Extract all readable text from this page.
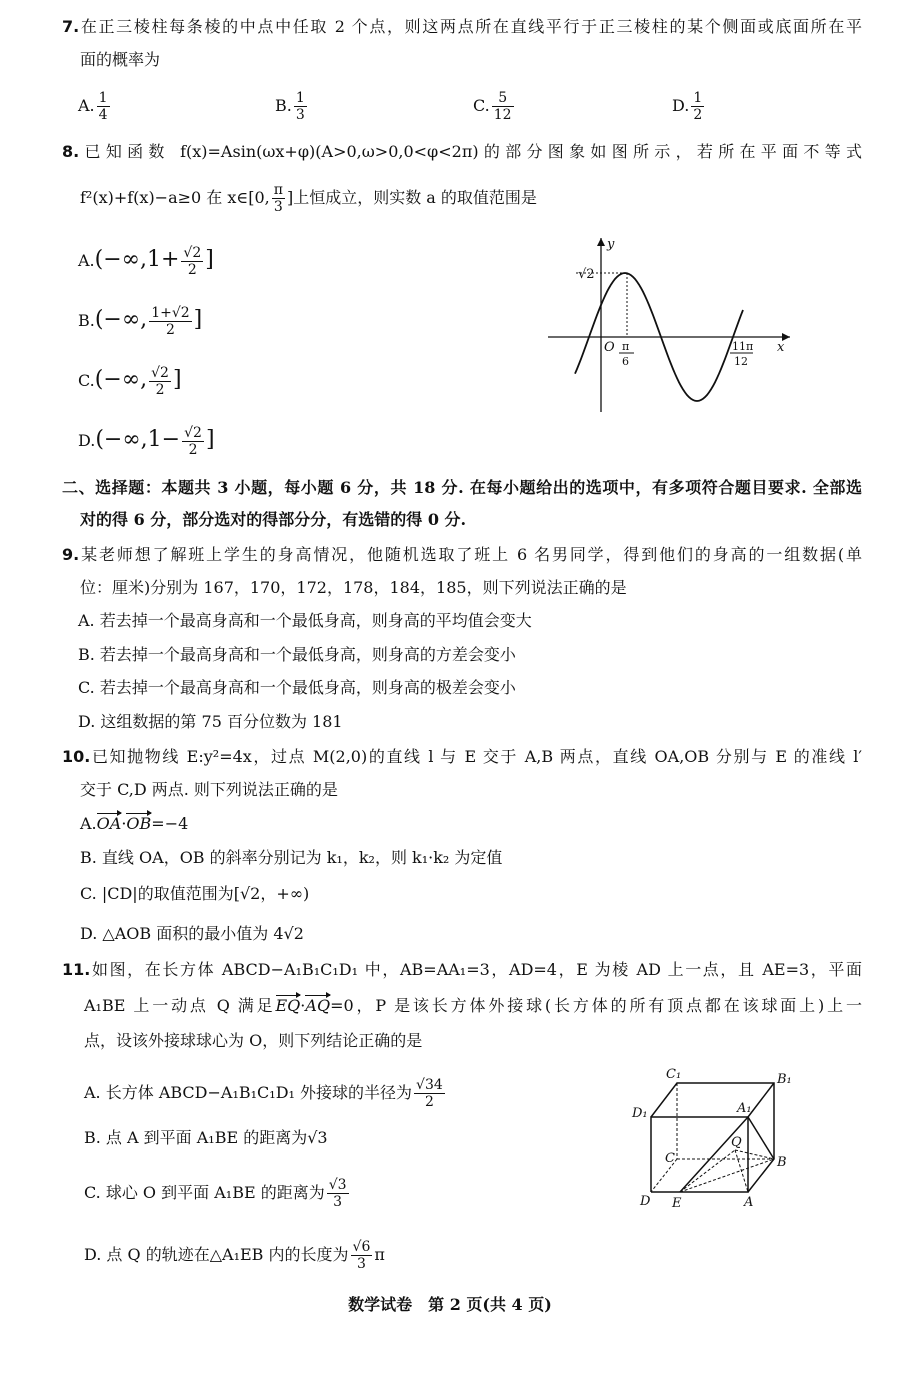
7.在正三棱柱每条棱的中点中任取 2 个点，则这两点所在直线平行于正三棱柱的某个侧面或底面所在平
面的概率为
A. $\frac{1}{4}$	B. $\frac{1}{3}$	C. $\frac{5}{12}$	D. $\frac{1}{2}$
8.已知函数 f(x)=Asin(ωx+φ)(A>0,ω>0,0<φ<2π)的部分图象如图所示，若所在平面不等式
f²(x)+f(x)−a≥0 在 x∈[0, $\frac{\pi}{3}$ ]上恒成立，则实数 a 的取值范围是
$A.(-\infty,1+ \frac{√2}{2}$ ]
B.(−∞, $\frac{1+√2}{2}$ ]
C.(−∞, $\frac{√2}{2}$ ]
$D.(-\infty,1- \frac{√2}{2}$ ]
y
√2
O π
6
11π
12
x
C₁	B₁
D₁	A₁
Q
C	B
D E	A
二、选择题：本题共 3 小题，每小题 6 分，共 18 分. 在每小题给出的选项中，有多项符合题目要求. 全部选
对的得 6 分，部分选对的得部分分，有选错的得 0 分.
9.某老师想了解班上学生的身高情况，他随机选取了班上 6 名男同学，得到他们的身高的一组数据(单
位：厘米)分别为 167，170，172，178，184，185，则下列说法正确的是
A. 若去掉一个最高身高和一个最低身高，则身高的平均值会变大
B. 若去掉一个最高身高和一个最低身高，则身高的方差会变小
C. 若去掉一个最高身高和一个最低身高，则身高的极差会变小
D. 这组数据的第 75 百分位数为 181
10.已知抛物线 E:y²=4x，过点 M(2,0)的直线 l 与 E 交于 A,B 两点，直线 OA,OB 分别与 E 的准线 l′
交于 C,D 两点. 则下列说法正确的是
A.OA·OB=−4
B. 直线 OA，OB 的斜率分别记为 k₁，k₂，则 k₁·k₂ 为定值
C. |CD|的取值范围为[√2，+∞)
D. △AOB 面积的最小值为 4√2
11.如图，在长方体 ABCD−A₁B₁C₁D₁ 中，AB=AA₁=3，AD=4，E 为棱 AD 上一点，且 AE=3，平面
A₁BE 上一动点 Q 满足EQ·AQ=0，P 是该长方体外接球(长方体的所有顶点都在该球面上)上一
点，设该外接球球心为 O，则下列结论正确的是
A. 长方体 ABCD−A₁B₁C₁D₁ 外接球的半径为 $\frac{√34}{2}$
B. 点 A 到平面 A₁BE 的距离为√3
C. 球心 O 到平面 A₁BE 的距离为 $\frac{√3}{3}$
D. 点 Q 的轨迹在△A₁EB 内的长度为 $\frac{√6}{3}$ π
数学试卷　第 2 页(共 4 页)
